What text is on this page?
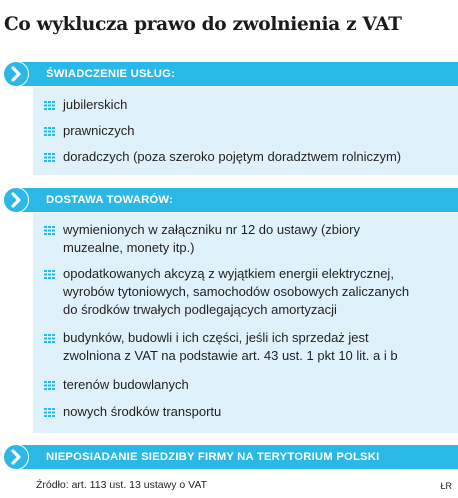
Co wyklucza prawo do zwolnienia z VAT
ŚWIADCZENIE USŁUG:
jubilerskich
prawniczych
doradczych (poza szeroko pojętym doradztwem rolniczym)
DOSTAWA TOWARÓW:
wymienionych w załączniku nr 12 do ustawy (zbiory
muzealne, monety itp.)
opodatkowanych akcyzą z wyjątkiem energii elektrycznej,
wyrobów tytoniowych, samochodów osobowych zaliczanych
do środków trwałych podlegających amortyzacji
budynków, budowli i ich części, jeśli ich sprzedaż jest
zwolniona z VAT na podstawie art. 43 ust. 1 pkt 10 lit. a i b
terenów budowlanych
nowych środków transportu
NIEPOSIADANIE SIEDZIBY FIRMY NA TERYTORIUM POLSKI
Źródło: art. 113 ust. 13 ustawy o VAT	ŁR
